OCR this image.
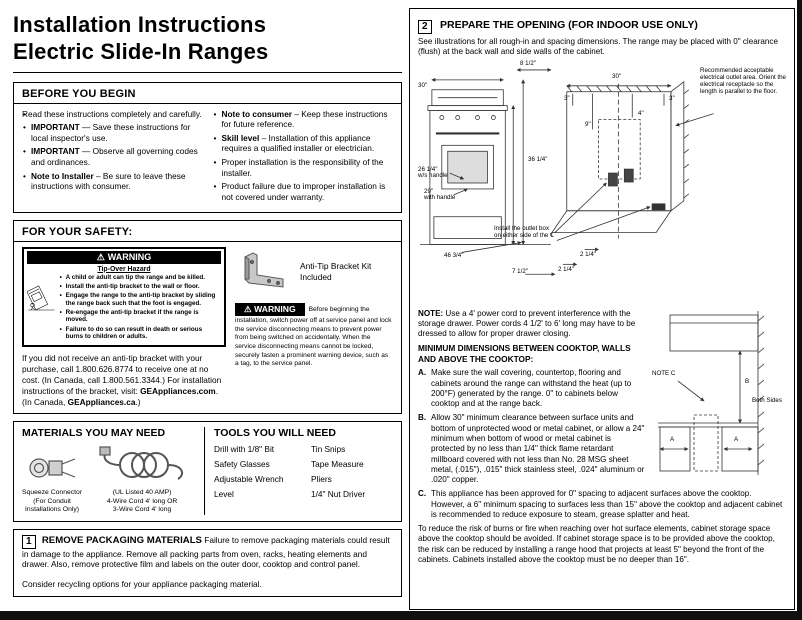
Installation Instructions
Electric Slide-In Ranges
BEFORE YOU BEGIN

• Read these instructions completely and carefully.

• IMPORTANT — Save these instructions for local inspector's use.

• IMPORTANT — Observe all governing codes and ordinances.

• Note to Installer – Be sure to leave these instructions with consumer.

• Note to consumer – Keep these instructions for future reference.

• Skill level – Installation of this appliance requires a qualified installer or electrician.

• Proper installation is the responsibility of the installer.

• Product failure due to improper installation is not covered under warranty.

FOR YOUR SAFETY:
⚠ WARNING
Tip-Over Hazard
• A child or adult can tip the range and be killed.
• Install the anti-tip bracket to the wall or floor.
• Engage the range to the anti-tip bracket by sliding the range back such that the foot is engaged.
• Re-engage the anti-tip bracket if the range is moved.
• Failure to do so can result in death or serious burns to children or adults.

If you did not receive an anti-tip bracket with your purchase, call 1.800.626.8774 to receive one at no cost. (In Canada, call 1.800.561.3344.) For installation instructions of the bracket, visit: GEAppliances.com. (In Canada, GEAppliances.ca.)

Anti-Tip Bracket Kit Included
⚠ WARNING Before beginning the installation, switch power off at service panel and lock the service disconnecting means to prevent power from being switched on accidentally. When the service disconnecting means cannot be locked, securely fasten a prominent warning device, such as a tag, to the service panel.
MATERIALS YOU MAY NEED
Squeeze Connector
(For Conduit
Installations Only)
(UL Listed 40 AMP)
4-Wire Cord 4' long OR
3-Wire Cord 4' long
TOOLS YOU WILL NEED
Drill with 1/8" Bit	Tin Snips
Safety Glasses	Tape Measure
Adjustable Wrench	Pliers
Level	1/4" Nut Driver
1 REMOVE PACKAGING MATERIALS Failure to remove packaging materials could result in damage to the appliance. Remove all packing parts from oven, racks, heating elements and drawer. Also, remove protective film and labels on the outer door, cooktop and control panel.

Consider recycling options for your appliance packaging material.

2 PREPARE THE OPENING (FOR INDOOR USE ONLY)

See illustrations for all rough-in and spacing dimensions. The range may be placed with 0" clearance (flush) at the back wall and side walls of the cabinet.

8 1/2"
30"
36 1/4"
26 1/4"
w/s handle
29"
with handle
46 3/4"
7 1/2"	2 1/4"
2 1/4"
30"
3"	3"
9"
4"
Install the outlet box on either side of the ℄
Recommended acceptable electrical outlet area. Orient the electrical receptacle so the length is parallel to the floor.

NOTE: Use a 4' power cord to prevent interference with the storage drawer. Power cords 4 1/2' to 6' long may have to be dressed to allow for proper drawer closing.

MINIMUM DIMENSIONS BETWEEN COOKTOP, WALLS AND ABOVE THE COOKTOP:
A. Make sure the wall covering, countertop, flooring and cabinets around the range can withstand the heat (up to 200°F) generated by the range. 0" to cabinets below cooktop and at the range back.
B. Allow 30" minimum clearance between surface units and bottom of unprotected wood or metal cabinet, or allow a 24" minimum when bottom of wood or metal cabinet is protected by no less than 1/4" thick flame retardant millboard covered with not less than No. 28 MSG sheet metal, (.015"), .015" thick stainless steel, .024" aluminum or .020" copper.
NOTE C
B
Both Sides
A	A
C. This appliance has been approved for 0" spacing to adjacent surfaces above the cooktop. However, a 6" minimum spacing to surfaces less than 15" above the cooktop and adjacent cabinet is recommended to reduce exposure to steam, grease splatter and heat.

To reduce the risk of burns or fire when reaching over hot surface elements, cabinet storage space above the cooktop should be avoided. If cabinet storage space is to be provided above the cooktop, the risk can be reduced by installing a range hood that projects at least 5" beyond the front of the cabinets. Cabinets installed above the cooktop must be no deeper than 16".
